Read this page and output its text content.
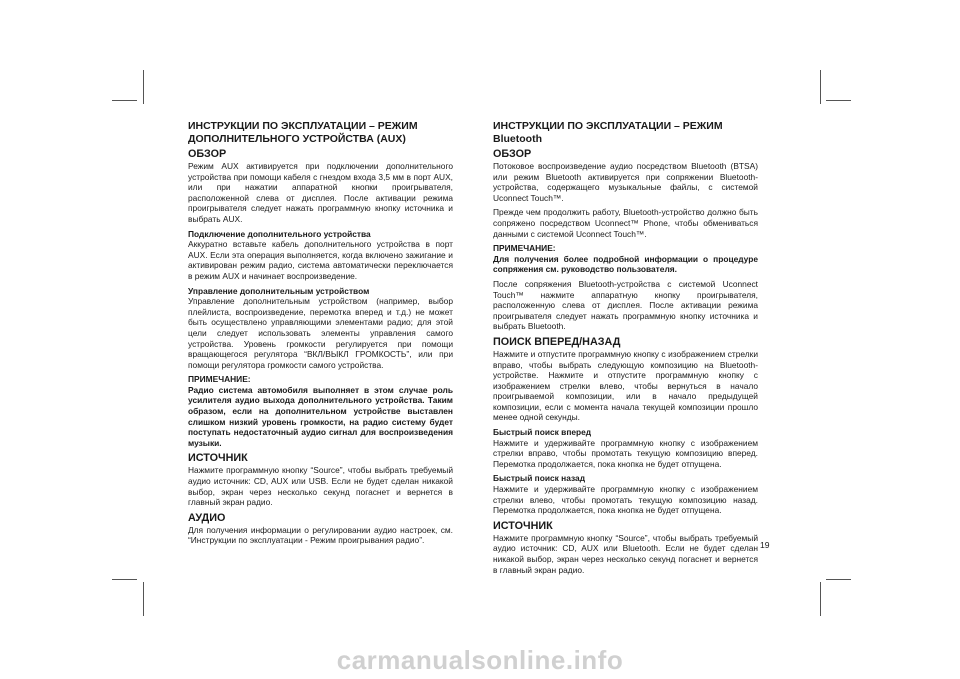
ИНСТРУКЦИИ ПО ЭКСПЛУАТАЦИИ – РЕЖИМ ДОПОЛНИТЕЛЬНОГО УСТРОЙСТВА (AUX)
ОБЗОР
Режим AUX активируется при подключении дополнительного устройства при помощи кабеля с гнездом входа 3,5 мм в порт AUX, или при нажатии аппаратной кнопки проигрывателя, расположенной слева от дисплея. После активации режима проигрывателя следует нажать программную кнопку источника и выбрать AUX.
Подключение дополнительного устройства
Аккуратно вставьте кабель дополнительного устройства в порт AUX. Если эта операция выполняется, когда включено зажигание и активирован режим радио, система автоматически переключается в режим AUX и начинает воспроизведение.
Управление дополнительным устройством
Управление дополнительным устройством (например, выбор плейлиста, воспроизведение, перемотка вперед и т.д.) не может быть осуществлено управляющими элементами радио; для этой цели следует использовать элементы управления самого устройства. Уровень громкости регулируется при помощи вращающегося регулятора “ВКЛ/ВЫКЛ ГРОМКОСТЬ”, или при помощи регулятора громкости самого устройства.
ПРИМЕЧАНИЕ:
Радио система автомобиля выполняет в этом случае роль усилителя аудио выхода дополнительного устройства. Таким образом, если на дополнительном устройстве выставлен слишком низкий уровень громкости, на радио систему будет поступать недостаточный аудио сигнал для воспроизведения музыки.
ИСТОЧНИК
Нажмите программную кнопку “Source”, чтобы выбрать требуемый аудио источник: CD, AUX или USB. Если не будет сделан никакой выбор, экран через несколько секунд погаснет и вернется в главный экран радио.
АУДИО
Для получения информации о регулировании аудио настроек, см. “Инструкции по эксплуатации - Режим проигрывания радио”.
ИНСТРУКЦИИ ПО ЭКСПЛУАТАЦИИ – РЕЖИМ Bluetooth
ОБЗОР
Потоковое воспроизведение аудио посредством Bluetooth (BTSA) или режим Bluetooth активируется при сопряжении Bluetooth-устройства, содержащего музыкальные файлы, с системой Uconnect Touch™.
Прежде чем продолжить работу, Bluetooth-устройство должно быть сопряжено посредством Uconnect™ Phone, чтобы обмениваться данными с системой Uconnect Touch™.
ПРИМЕЧАНИЕ:
Для получения более подробной информации о процедуре сопряжения см. руководство пользователя.
После сопряжения Bluetooth-устройства с системой Uconnect Touch™ нажмите аппаратную кнопку проигрывателя, расположенную слева от дисплея. После активации режима проигрывателя следует нажать программную кнопку источника и выбрать Bluetooth.
ПОИСК ВПЕРЕД/НАЗАД
Нажмите и отпустите программную кнопку с изображением стрелки вправо, чтобы выбрать следующую композицию на Bluetooth-устройстве. Нажмите и отпустите программную кнопку с изображением стрелки влево, чтобы вернуться в начало проигрываемой композиции, или в начало предыдущей композиции, если с момента начала текущей композиции прошло менее одной секунды.
Быстрый поиск вперед
Нажмите и удерживайте программную кнопку с изображением стрелки вправо, чтобы промотать текущую композицию вперед. Перемотка продолжается, пока кнопка не будет отпущена.
Быстрый поиск назад
Нажмите и удерживайте программную кнопку с изображением стрелки влево, чтобы промотать текущую композицию назад. Перемотка продолжается, пока кнопка не будет отпущена.
ИСТОЧНИК
Нажмите программную кнопку “Source”, чтобы выбрать требуемый аудио источник: CD, AUX или Bluetooth. Если не будет сделан никакой выбор, экран через несколько секунд погаснет и вернется в главный экран радио.
19
carmanualsonline.info
